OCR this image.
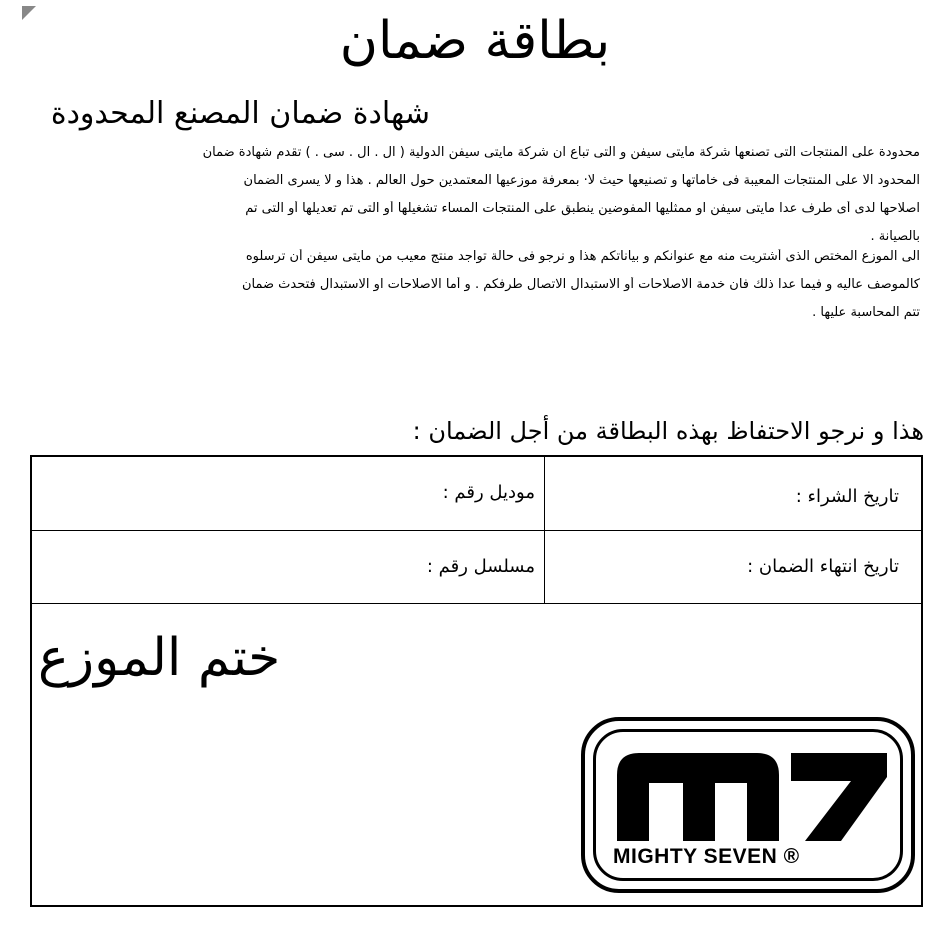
بطاقة ضمان
شهادة ضمان المصنع المحدودة
محدودة على المنتجات التى تصنعها شركة مايتى سيفن و التى تباع ان شركة مايتى سيفن الدولية ( ال . ال . سى . ) تقدم شهادة ضمان
المحدود الا على المنتجات المعيبة فى خاماتها و تصنيعها حيث لا· بمعرفة موزعيها المعتمدين حول العالم . هذا و لا يسرى الضمان
اصلاحها لدى أى طرف عدا مايتى سيفن او ممثليها المفوضين ينطبق على المنتجات المساء تشغيلها أو التى تم تعديلها أو التى تم
بالصيانة .
الى الموزع المختص الذى أشتريت منه مع عنوانكم و بياناتكم هذا و نرجو فى حالة تواجد منتج معيب من مايتى سيفن أن ترسلوه
كالموصف عاليه و فيما عدا ذلك فان خدمة الاصلاحات أو الاستبدال الاتصال طرفكم . و أما الاصلاحات او الاستبدال فتحدث ضمان
تتم المحاسبة عليها .
هذا و نرجو الاحتفاظ بهذه البطاقة من أجل الضمان :
تاريخ الشراء :
موديل رقم :
تاريخ انتهاء الضمان :
مسلسل رقم :
ختم الموزع
MIGHTY SEVEN ®
